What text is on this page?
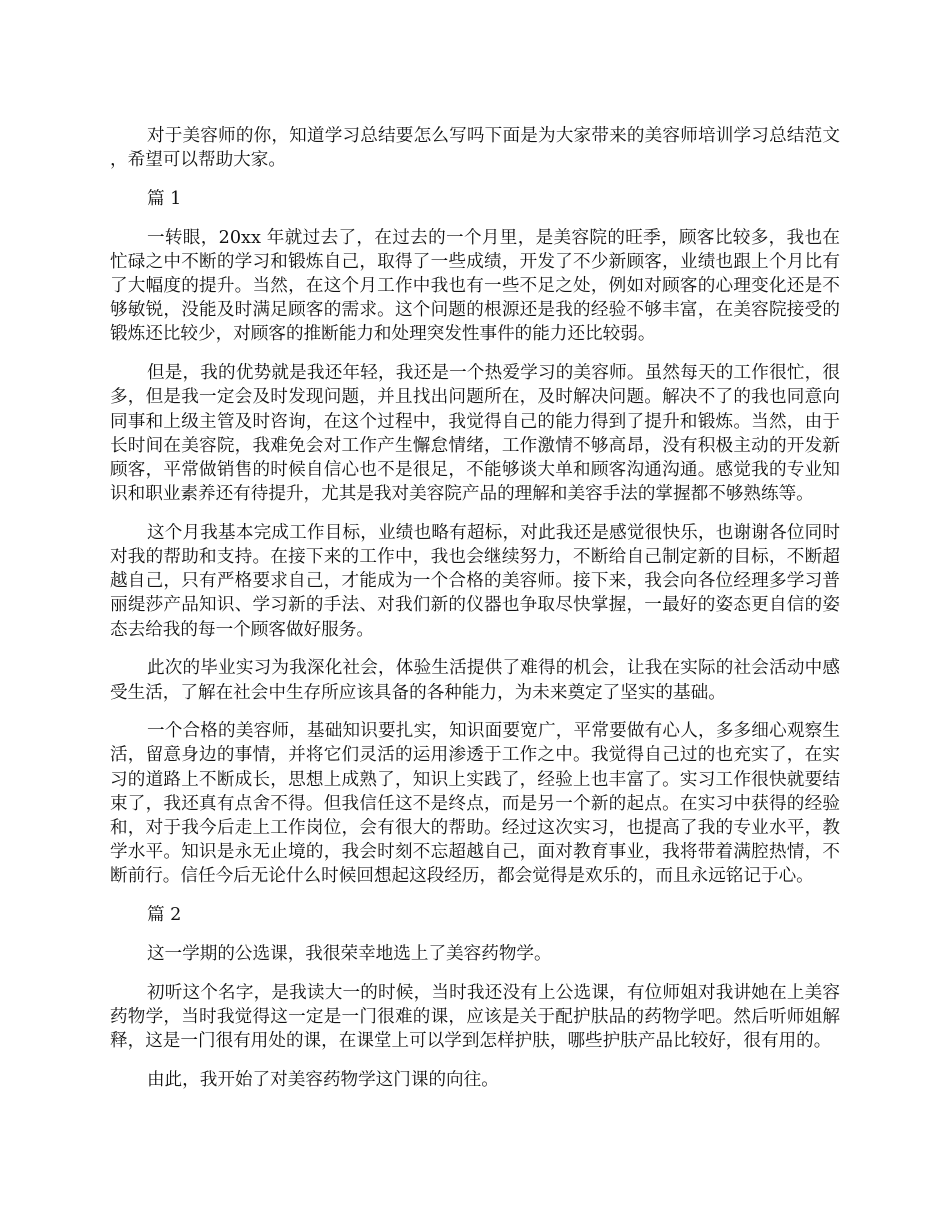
对于美容师的你，知道学习总结要怎么写吗下面是为大家带来的美容师培训学习总结范文，希望可以帮助大家。

篇 1

一转眼，20xx 年就过去了，在过去的一个月里，是美容院的旺季，顾客比较多，我也在忙碌之中不断的学习和锻炼自己，取得了一些成绩，开发了不少新顾客，业绩也跟上个月比有了大幅度的提升。当然，在这个月工作中我也有一些不足之处，例如对顾客的心理变化还是不够敏锐，没能及时满足顾客的需求。这个问题的根源还是我的经验不够丰富，在美容院接受的锻炼还比较少，对顾客的推断能力和处理突发性事件的能力还比较弱。

但是，我的优势就是我还年轻，我还是一个热爱学习的美容师。虽然每天的工作很忙，很多，但是我一定会及时发现问题，并且找出问题所在，及时解决问题。解决不了的我也同意向同事和上级主管及时咨询，在这个过程中，我觉得自己的能力得到了提升和锻炼。当然，由于长时间在美容院，我难免会对工作产生懈怠情绪，工作激情不够高昂，没有积极主动的开发新顾客，平常做销售的时候自信心也不是很足，不能够谈大单和顾客沟通沟通。感觉我的专业知识和职业素养还有待提升，尤其是我对美容院产品的理解和美容手法的掌握都不够熟练等。

这个月我基本完成工作目标，业绩也略有超标，对此我还是感觉很快乐，也谢谢各位同时对我的帮助和支持。在接下来的工作中，我也会继续努力，不断给自己制定新的目标，不断超越自己，只有严格要求自己，才能成为一个合格的美容师。接下来，我会向各位经理多学习普丽缇莎产品知识、学习新的手法、对我们新的仪器也争取尽快掌握，一最好的姿态更自信的姿态去给我的每一个顾客做好服务。

此次的毕业实习为我深化社会，体验生活提供了难得的机会，让我在实际的社会活动中感受生活，了解在社会中生存所应该具备的各种能力，为未来奠定了坚实的基础。

一个合格的美容师，基础知识要扎实，知识面要宽广，平常要做有心人，多多细心观察生活，留意身边的事情，并将它们灵活的运用渗透于工作之中。我觉得自己过的也充实了，在实习的道路上不断成长，思想上成熟了，知识上实践了，经验上也丰富了。实习工作很快就要结束了，我还真有点舍不得。但我信任这不是终点，而是另一个新的起点。在实习中获得的经验和，对于我今后走上工作岗位，会有很大的帮助。经过这次实习，也提高了我的专业水平，教学水平。知识是永无止境的，我会时刻不忘超越自己，面对教育事业，我将带着满腔热情，不断前行。信任今后无论什么时候回想起这段经历，都会觉得是欢乐的，而且永远铭记于心。

篇 2

这一学期的公选课，我很荣幸地选上了美容药物学。

初听这个名字，是我读大一的时候，当时我还没有上公选课，有位师姐对我讲她在上美容药物学，当时我觉得这一定是一门很难的课，应该是关于配护肤品的药物学吧。然后听师姐解释，这是一门很有用处的课，在课堂上可以学到怎样护肤，哪些护肤产品比较好，很有用的。

由此，我开始了对美容药物学这门课的向往。
